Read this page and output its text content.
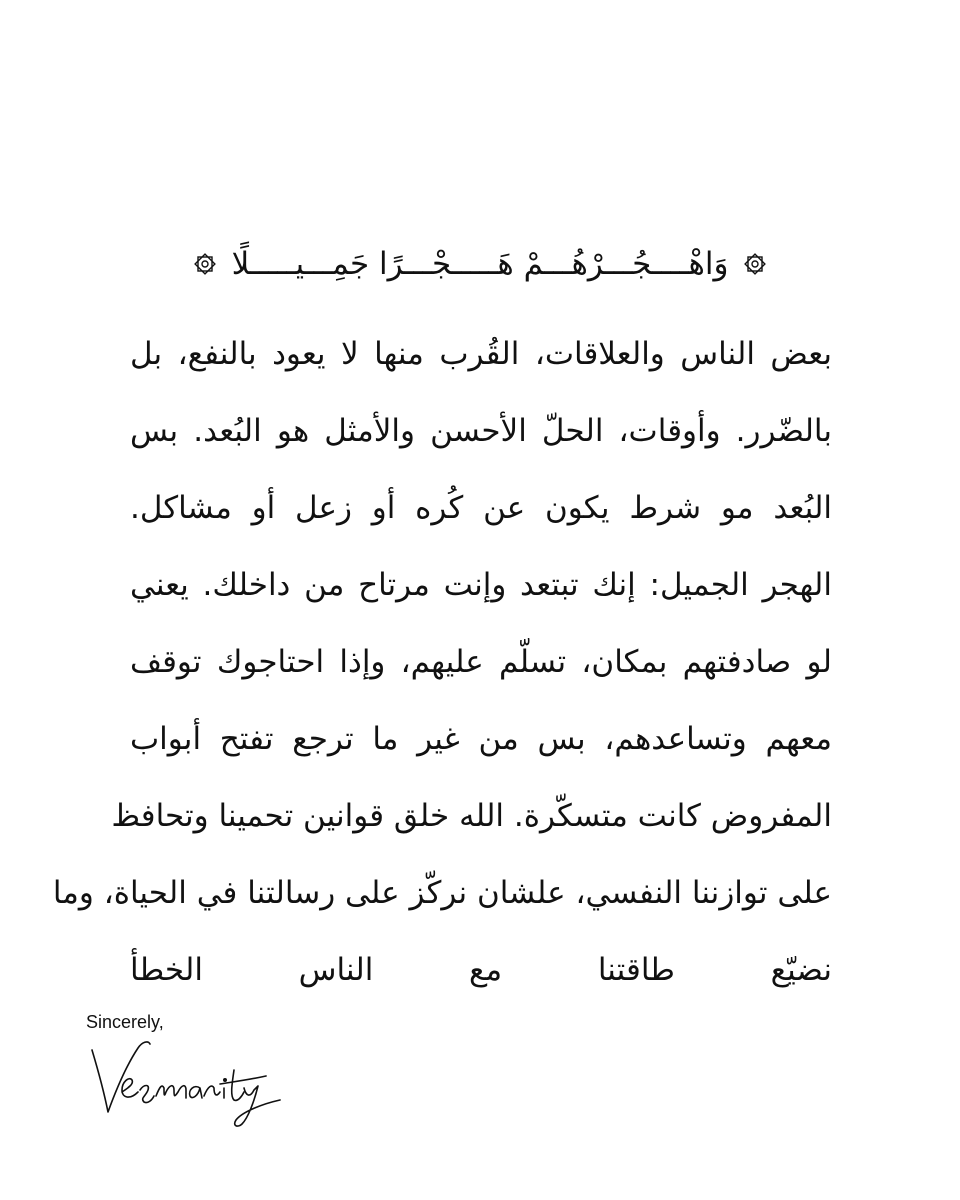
وَاهْــــجُـــرْهُـــمْ هَـــــجْـــرًا جَمِـــيـــــلًا
بعض الناس والعلاقات، القُرب منها لا يعود بالنفع، بل
بالضّرر. وأوقات، الحلّ الأحسن والأمثل هو البُعد. بس
البُعد مو شرط يكون عن كُره أو زعل أو مشاكل.
الهجر الجميل: إنك تبتعد وإنت مرتاح من داخلك. يعني
لو صادفتهم بمكان، تسلّم عليهم، وإذا احتاجوك توقف
معهم وتساعدهم، بس من غير ما ترجع تفتح أبواب
المفروض كانت متسكّرة. الله خلق قوانين تحمينا وتحافظ
على توازننا النفسي، علشان نركّز على رسالتنا في الحياة، وما
نضيّع طاقتنا مع الناس الخطأ
Sincerely,
